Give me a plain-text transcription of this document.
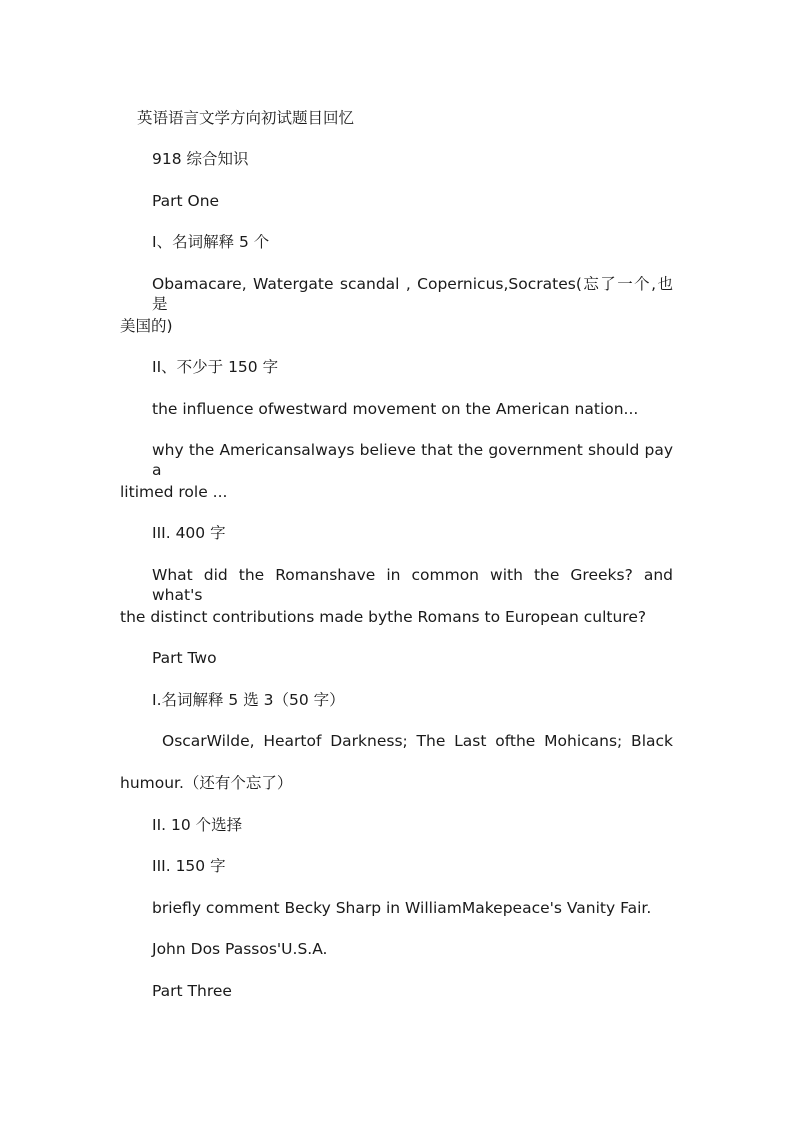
英语语言文学方向初试题目回忆
918 综合知识
Part One
I、名词解释 5 个
Obamacare, Watergate scandal , Copernicus,Socrates(忘了一个,也是
美国的)
II、不少于 150 字
the influence ofwestward movement on the American nation...
why the Americansalways believe that the government should pay a
litimed role ...
III. 400 字
What did the Romanshave in common with the Greeks? and what's
the distinct contributions made bythe Romans to European culture?
Part Two
I.名词解释 5 选 3（50 字）
OscarWilde, Heartof Darkness; The Last ofthe Mohicans; Black
humour.（还有个忘了）
II. 10 个选择
III. 150 字
briefly comment Becky Sharp in WilliamMakepeace's Vanity Fair.
John Dos Passos'U.S.A.
Part Three
